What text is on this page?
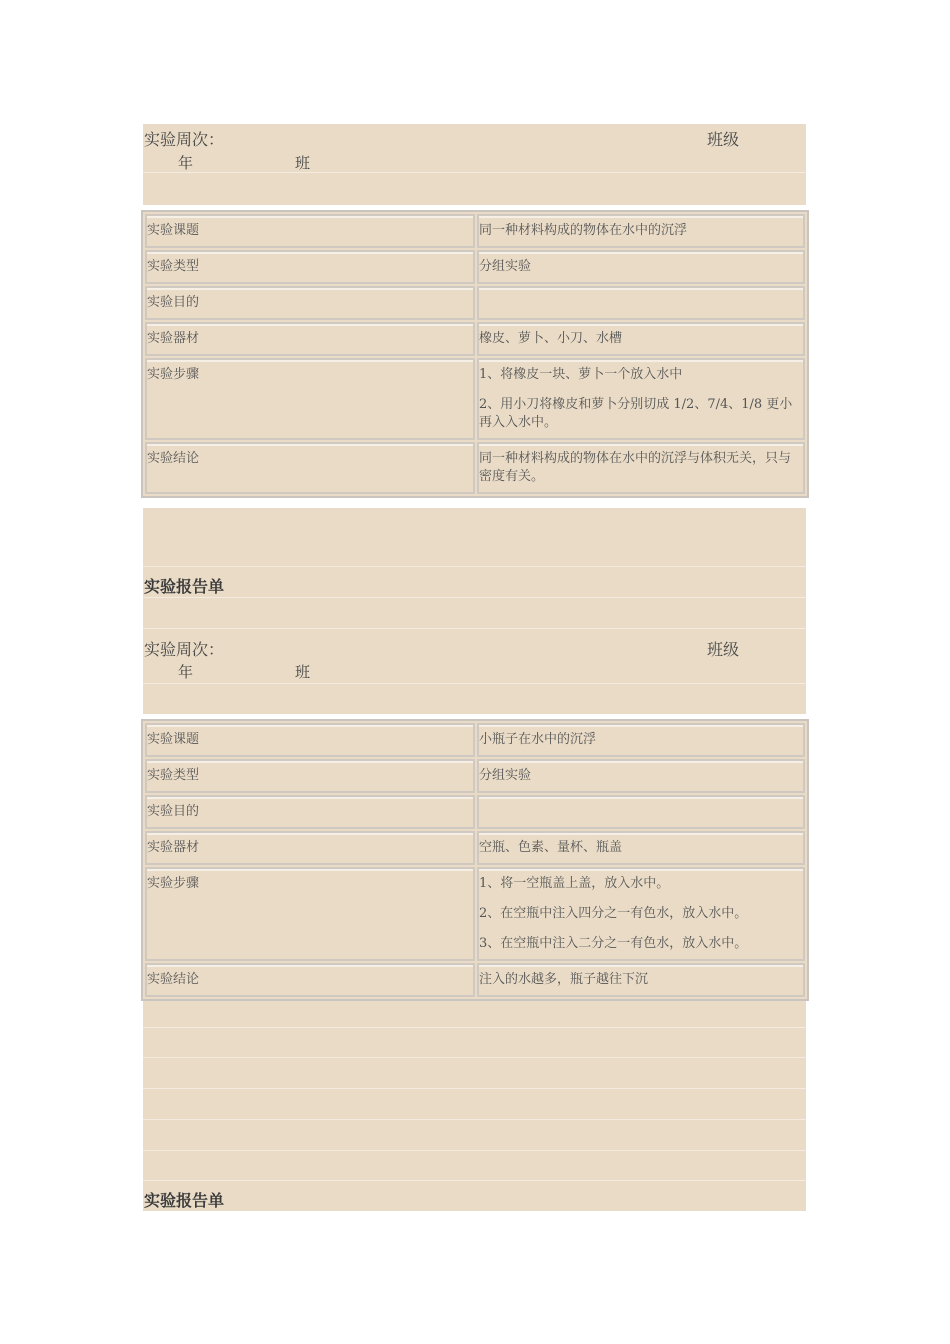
实验周次：	班级
年	班
实验课题	同一种材料构成的物体在水中的沉浮

实验类型	分组实验

实验目的	

实验器材	橡皮、萝卜、小刀、水槽

实验步骤	1、将橡皮一块、萝卜一个放入水中

2、用小刀将橡皮和萝卜分别切成 1/2、7/4、1/8 更小再入入水中。

实验结论	同一种材料构成的物体在水中的沉浮与体积无关，只与密度有关。

实验报告单
实验周次：	班级
年	班
实验课题	小瓶子在水中的沉浮

实验类型	分组实验

实验目的	

实验器材	空瓶、色素、量杯、瓶盖

实验步骤	1、将一空瓶盖上盖，放入水中。

2、在空瓶中注入四分之一有色水，放入水中。

3、在空瓶中注入二分之一有色水，放入水中。

实验结论	注入的水越多，瓶子越往下沉

实验报告单
